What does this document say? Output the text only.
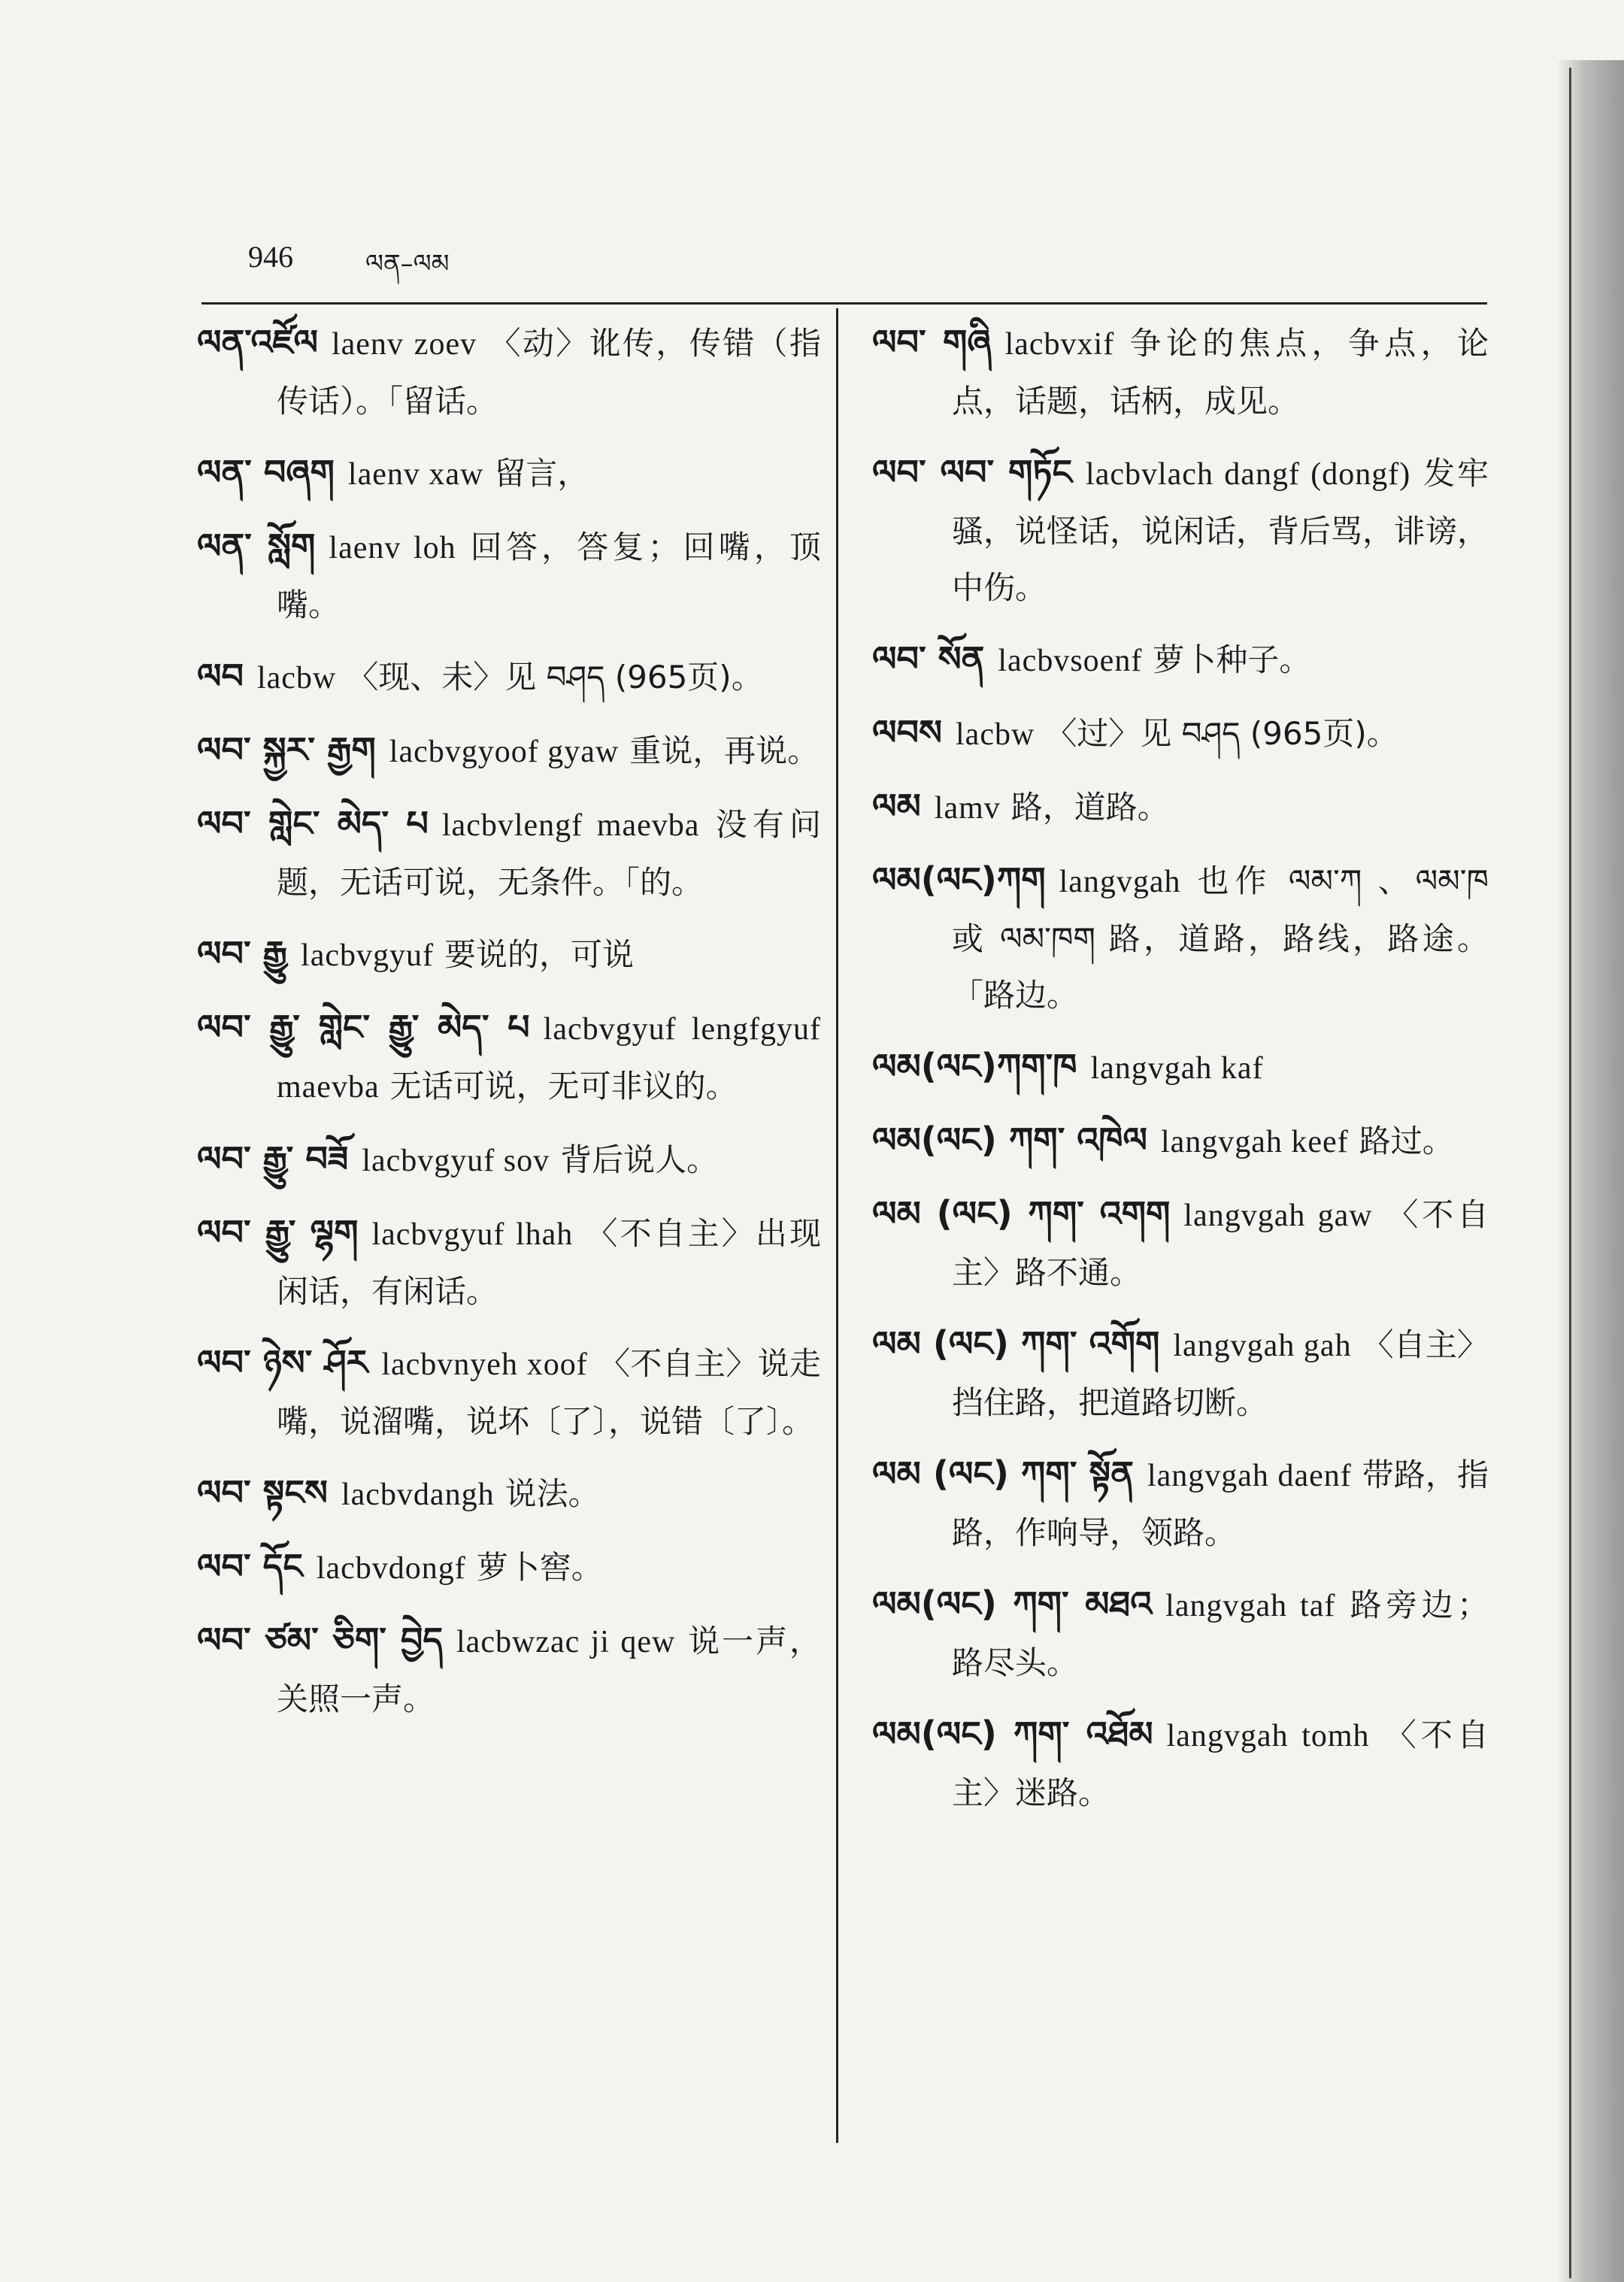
946	ལན–ལམ
ལན་འཛོལ laenv zoev 〈动〉讹传，传错（指传话）。「留话。
ལན་ བཞག laenv xaw 留言，
ལན་ སློག laenv loh 回答，答复；回嘴，顶嘴。
ལབ lacbw 〈现、未〉见 བཤད (965页)。
ལབ་ སྐྱར་ རྒྱག lacbvgyoof gyaw 重说，再说。
ལབ་ གླེང་ མེད་ པ lacbvlengf maevba 没有问题，无话可说，无条件。「的。
ལབ་ རྒྱུ lacbvgyuf 要说的，可说
ལབ་ རྒྱུ་ གླེང་ རྒྱུ་ མེད་ པ lacbvgyuf lengfgyuf maevba 无话可说，无可非议的。
ལབ་ རྒྱུ་ བཟོ lacbvgyuf sov 背后说人。
ལབ་ རྒྱུ་ ལྷག lacbvgyuf lhah 〈不自主〉出现闲话，有闲话。
ལབ་ ཉེས་ ཤོར lacbvnyeh xoof 〈不自主〉说走嘴，说溜嘴，说坏〔了〕，说错〔了〕。
ལབ་ སྟངས lacbvdangh 说法。
ལབ་ དོང lacbvdongf 萝卜窖。
ལབ་ ཙམ་ ཅིག་ བྱེད lacbwzac ji qew 说一声，关照一声。
ལབ་ གཞི lacbvxif 争论的焦点，争点，论点，话题，话柄，成见。
ལབ་ ལབ་ གཏོང lacbvlach dangf (dongf) 发牢骚，说怪话，说闲话，背后骂，诽谤，中伤。
ལབ་ སོན lacbvsoenf 萝卜种子。
ལབས lacbw 〈过〉见 བཤད (965页)。
ལམ lamv 路，道路。
ལམ(ལང)ཀག langvgah 也作 ལམ་ཀ 、ལམ་ཁ 或 ལམ་ཁག 路，道路，路线，路途。「路边。
ལམ(ལང)ཀག་ཁ langvgah kaf
ལམ(ལང) ཀག་ འཁེལ langvgah keef 路过。
ལམ (ལང) ཀག་ འགག langvgah gaw 〈不自主〉路不通。
ལམ (ལང) ཀག་ འགོག langvgah gah 〈自主〉挡住路，把道路切断。
ལམ (ལང) ཀག་ སྟོན langvgah daenf 带路，指路，作响导，领路。
ལམ(ལང) ཀག་ མཐའ langvgah taf 路旁边；路尽头。
ལམ(ལང) ཀག་ འཐོམ langvgah tomh 〈不自主〉迷路。
